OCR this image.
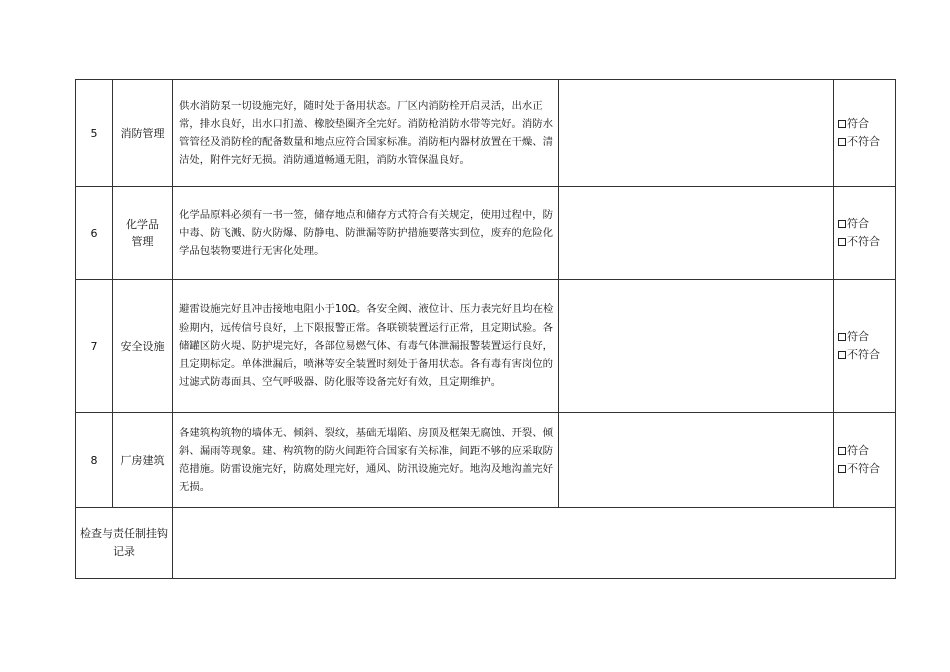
5	消防管理	供水消防泵一切设施完好，随时处于备用状态。厂区内消防栓开启灵活，出水正常，排水良好，出水口扪盖、橡胶垫圈齐全完好。消防枪消防水带等完好。消防水管管径及消防栓的配备数量和地点应符合国家标准。消防柜内器材放置在干燥、清洁处，附件完好无损。消防通道畅通无阻，消防水管保温良好。		符合
不符合

6	化学品管理	化学品原料必须有一书一签，储存地点和储存方式符合有关规定，使用过程中，防中毒、防飞溅、防火防爆、防静电、防泄漏等防护措施要落实到位，废弃的危险化学品包装物要进行无害化处理。		符合
不符合

7	安全设施	避雷设施完好且冲击接地电阻小于10Ω。各安全阀、液位计、压力表完好且均在检验期内，远传信号良好，上下限报警正常。各联锁装置运行正常，且定期试验。各储罐区防火堤、防护堤完好，各部位易燃气体、有毒气体泄漏报警装置运行良好，且定期标定。单体泄漏后，喷淋等安全装置时刻处于备用状态。各有毒有害岗位的过滤式防毒面具、空气呼吸器、防化服等设备完好有效，且定期维护。		符合
不符合

8	厂房建筑	各建筑构筑物的墙体无、倾斜、裂纹，基础无塌陷、房顶及框架无腐蚀、开裂、倾斜、漏雨等现象。建、构筑物的防火间距符合国家有关标准，间距不够的应采取防范措施。防雷设施完好，防腐处理完好，通风、防汛设施完好。地沟及地沟盖完好无损。		符合
不符合

检查与责任制挂钩记录				
